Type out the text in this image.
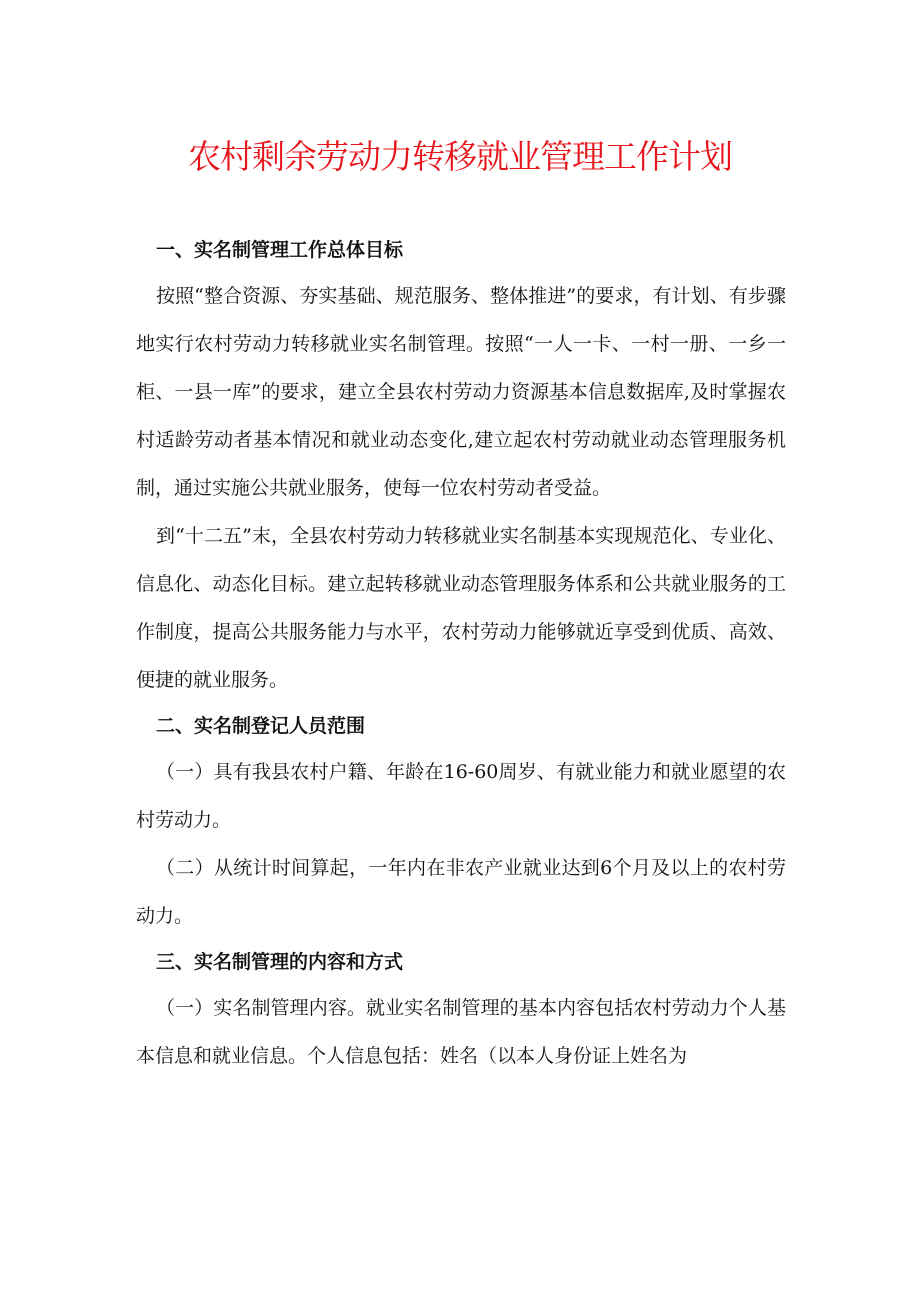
农村剩余劳动力转移就业管理工作计划
一、实名制管理工作总体目标

按照“整合资源、夯实基础、规范服务、整体推进”的要求，有计划、有步骤地实行农村劳动力转移就业实名制管理。按照“一人一卡、一村一册、一乡一柜、一县一库”的要求，建立全县农村劳动力资源基本信息数据库,及时掌握农村适龄劳动者基本情况和就业动态变化,建立起农村劳动就业动态管理服务机制，通过实施公共就业服务，使每一位农村劳动者受益。

到“十二五”末，全县农村劳动力转移就业实名制基本实现规范化、专业化、信息化、动态化目标。建立起转移就业动态管理服务体系和公共就业服务的工作制度，提高公共服务能力与水平，农村劳动力能够就近享受到优质、高效、便捷的就业服务。

二、实名制登记人员范围

（一）具有我县农村户籍、年龄在16-60周岁、有就业能力和就业愿望的农村劳动力。

（二）从统计时间算起，一年内在非农产业就业达到6个月及以上的农村劳动力。

三、实名制管理的内容和方式

（一）实名制管理内容。就业实名制管理的基本内容包括农村劳动力个人基本信息和就业信息。个人信息包括：姓名（以本人身份证上姓名为
